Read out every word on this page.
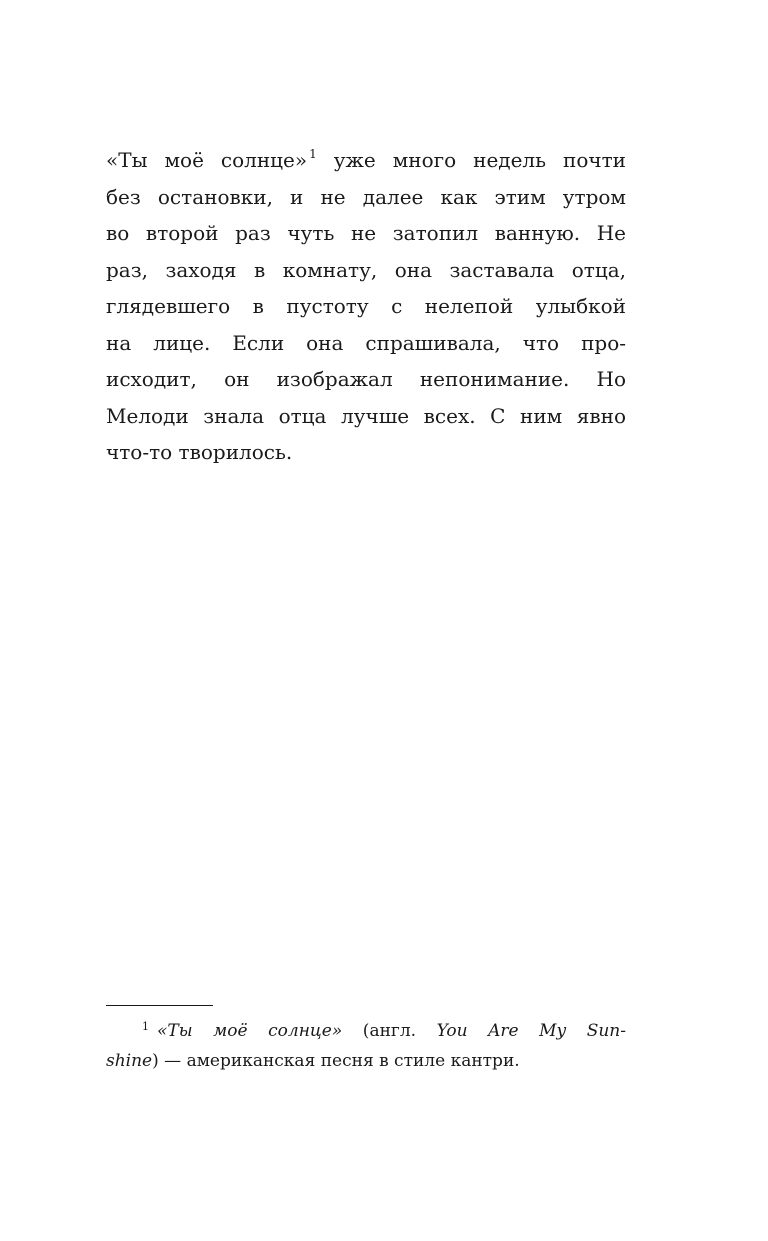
«Ты моё солнце» $^1$ уже много недель почти
без остановки, и не далее как этим утром
во второй раз чуть не затопил ванную. Не
раз, заходя в комнату, она заставала отца,
глядевшего в пустоту с нелепой улыбкой
на лице. Если она спрашивала, что про-
исходит, он изображал непонимание. Но
Мелоди знала отца лучше всех. С ним явно
что-то творилось.
$^1$ «Ты моё солнце» (англ. You Are My Sun-
shine) — американская песня в стиле кантри.
